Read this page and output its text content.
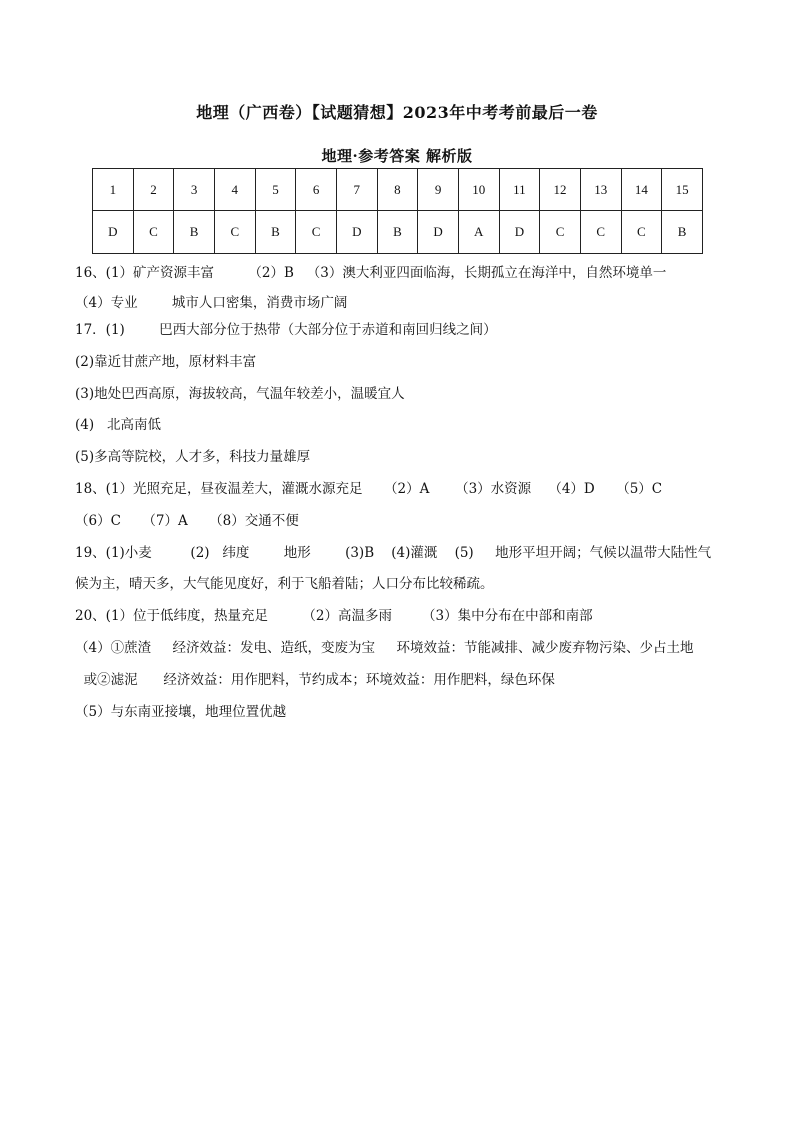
地理（广西卷）【试题猜想】2023年中考考前最后一卷
地理·参考答案 解析版
1	2	3	4	5	6	7	8	9	10	11	12	13	14	15
D	C	B	C	B	C	D	B	D	A	D	C	C	C	B
16、(1）矿产资源丰富        （2）B   （3）澳大利亚四面临海，长期孤立在海洋中，自然环境单一
（4）专业        城市人口密集，消费市场广阔
17．(1)        巴西大部分位于热带（大部分位于赤道和南回归线之间）
(2)靠近甘蔗产地，原材料丰富
(3)地处巴西高原，海拔较高，气温年较差小，温暖宜人
(4)   北高南低
(5)多高等院校，人才多，科技力量雄厚
18、(1）光照充足，昼夜温差大，灌溉水源充足     （2）A      （3）水资源    （4）D     （5）C
（6）C     （7）A     （8）交通不便
19、(1)小麦         (2)   纬度        地形        (3)B    (4)灌溉    (5)     地形平坦开阔；气候以温带大陆性气
候为主，晴天多，大气能见度好，利于飞船着陆；人口分布比较稀疏。
20、(1）位于低纬度，热量充足        （2）高温多雨       （3）集中分布在中部和南部
（4）①蔗渣     经济效益：发电、造纸，变废为宝     环境效益：节能减排、减少废弃物污染、少占土地
或②滤泥      经济效益：用作肥料，节约成本；环境效益：用作肥料，绿色环保
（5）与东南亚接壤，地理位置优越
